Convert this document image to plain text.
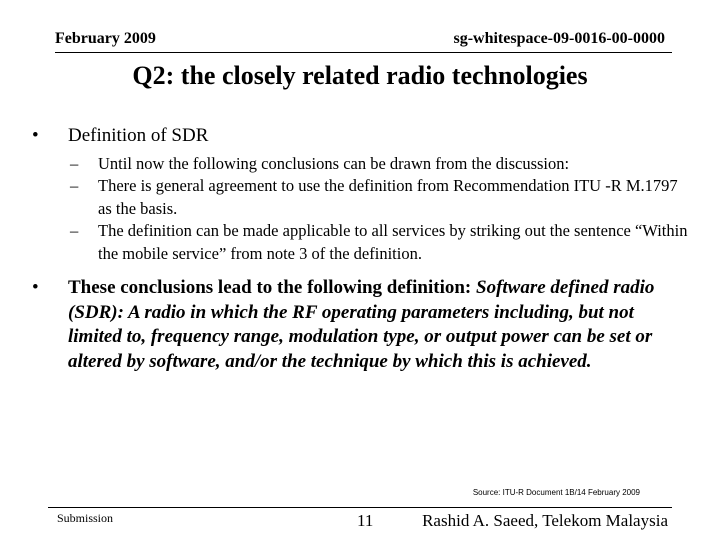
February 2009	sg-whitespace-09-0016-00-0000
Q2: the closely related radio technologies
• Definition of SDR
– Until now the following conclusions can be drawn from the discussion:
– There is general agreement to use the definition from Recommendation ITU -R M.1797 as the basis.
– The definition can be made applicable to all services by striking out the sentence “Within the mobile service” from note 3 of the definition.
• These conclusions lead to the following definition: Software defined radio (SDR): A radio in which the RF operating parameters including, but not limited to, frequency range, modulation type, or output power can be set or altered by software, and/or the technique by which this is achieved.
Source: ITU-R Document 1B/14 February 2009
Submission	11	Rashid A. Saeed, Telekom Malaysia
